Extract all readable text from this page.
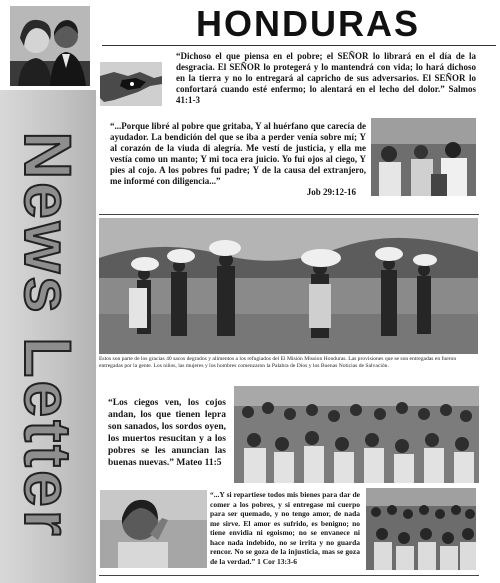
News Letter
HONDURAS

“Dichoso el que piensa en el pobre; el SEÑOR lo librará en el día de la desgracia. El SEÑOR lo protegerá y lo mantendrá con vida; lo hará dichoso en la tierra y no lo entregará al capricho de sus adversarios. El SEÑOR lo confortará cuando esté enfermo; lo alentará en el lecho del dolor.” Salmos 41:1-3

“...Porque libré al pobre que gritaba, Y al huérfano que carecía de ayudador. La bendición del que se iba a perder venía sobre mí; Y al corazón de la viuda di alegría. Me vestí de justicia, y ella me vestía como un manto; Y mi toca era juicio. Yo fui ojos al ciego, Y pies al cojo. A los pobres fui padre; Y de la causa del extranjero, me informé con diligencia...”
Job 29:12-16

Estos son parte de los gracias 40 sacos degrados y alimentos a los refugiados del El Misión Mission Honduras. Las provisiones que se son entregadas en fueron entregadas por la gente. Los niños, las mujeres y los hombres comenzaron la Palabra de Dios y los Buenas Noticias de Salvación.

“Los ciegos ven, los cojos andan, los que tienen lepra son sanados, los sordos oyen, los muertos resucitan y a los pobres se les anuncian las buenas nuevas.” Mateo 11:5

“...Y si repartiese todos mis bienes para dar de comer a los pobres, y si entregase mi cuerpo para ser quemado, y no tengo amor, de nada me sirve. El amor es sufrido, es benigno; no tiene envidia ni egoismo; no se envanece ni hace nada indebido, no se irrita y no guarda rencor. No se goza de la injusticia, mas se goza de la verdad.” 1 Cor 13:3-6
